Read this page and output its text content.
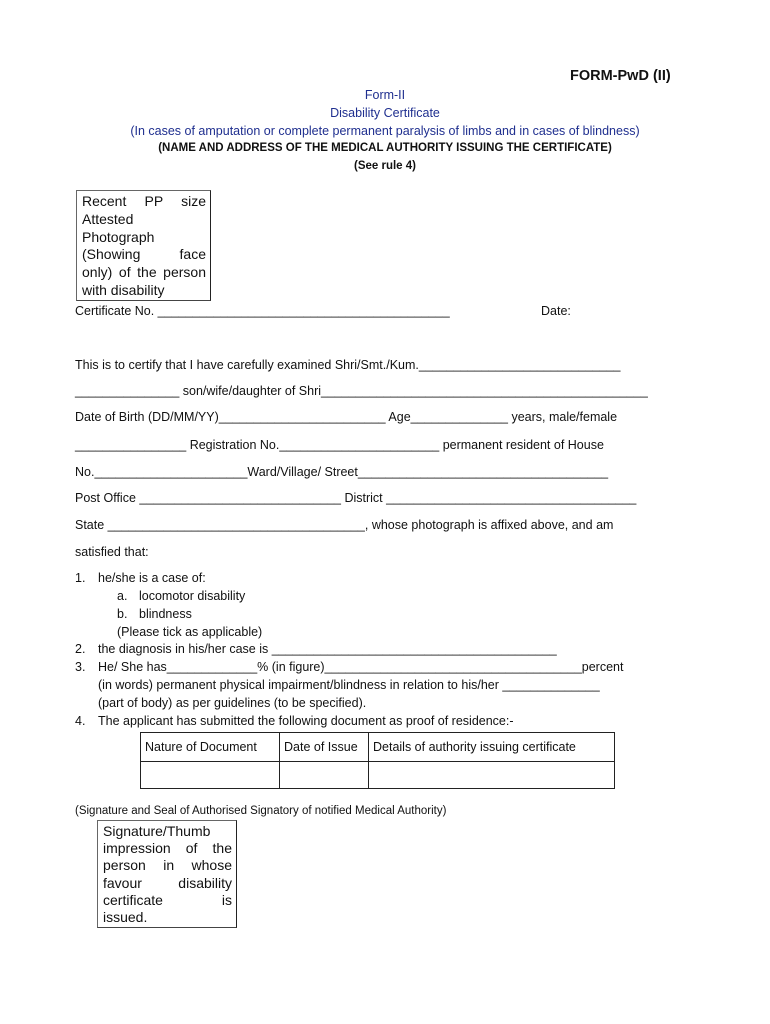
FORM-PwD (II)
Form-II
Disability Certificate
(In cases of amputation or complete permanent paralysis of limbs and in cases of blindness)
(NAME AND ADDRESS OF THE MEDICAL AUTHORITY ISSUING THE CERTIFICATE)
(See rule 4)
Recent PP size
Attested
Photograph
(Showing face
only) of the person
with disability
Certificate No. __________________________________________	Date:
This is to certify that I have carefully examined Shri/Smt./Kum._____________________________
_______________ son/wife/daughter of Shri_______________________________________________
Date of Birth (DD/MM/YY)________________________ Age______________ years, male/female
________________ Registration No._______________________ permanent resident of House
No.______________________Ward/Village/ Street____________________________________
Post Office _____________________________ District ____________________________________
State _____________________________________, whose photograph is affixed above, and am
satisfied that:
1. he/she is a case of:
a. locomotor disability
b. blindness
(Please tick as applicable)
2. the diagnosis in his/her case is _________________________________________
3. He/ She has_____________% (in figure)_____________________________________percent
(in words) permanent physical impairment/blindness in relation to his/her ______________
(part of body) as per guidelines (to be specified).
4. The applicant has submitted the following document as proof of residence:-
Nature of Document	Date of Issue	Details of authority issuing certificate

(Signature and Seal of Authorised Signatory of notified Medical Authority)
Signature/Thumb
impression of the
person in whose
favour disability
certificate is
issued.
